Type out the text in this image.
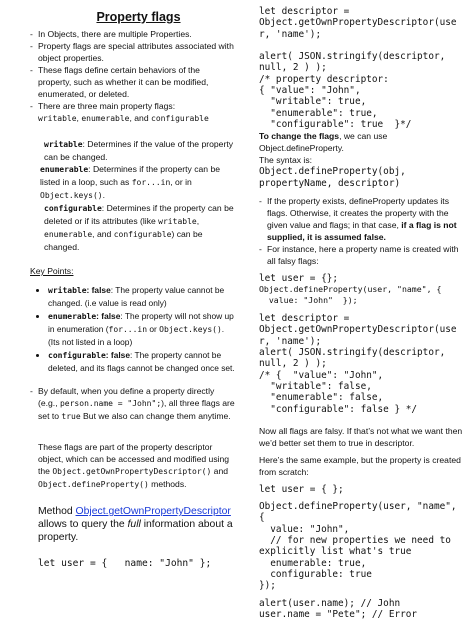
Property flags

- In Objects, there are multiple Properties.

- Property flags are special attributes associated with object properties.

- These flags define certain behaviors of the property, such as whether it can be modified, enumerated, or deleted.

- There are three main property flags:
writable, enumerable, and configurable

writable: Determines if the value of the property can be changed.

enumerable: Determines if the property can be listed in a loop, such as for...in, or in Object.keys().

configurable: Determines if the property can be deleted or if its attributes (like writable, enumerable, and configurable) can be changed.

Key Points:

• writable: false: The property value cannot be changed. (i.e value is read only)
• enumerable: false: The property will not show up in enumeration (for...in or Object.keys(). (Its not listed in a loop)
• configurable: false: The property cannot be deleted, and its flags cannot be changed once set.

- By default, when you define a property directly (e.g., person.name = "John";), all three flags are set to true But we also can change them anytime.

These flags are part of the property descriptor object, which can be accessed and modified using the Object.getOwnPropertyDescriptor() and Object.defineProperty() methods.

Method Object.getOwnPropertyDescriptor allows to query the full information about a property.

let user = {   name: "John" };
let descriptor =
Object.getOwnPropertyDescriptor(use
r, 'name');

alert( JSON.stringify(descriptor,
null, 2 ) );
/* property descriptor:
{ "value": "John",
"writable": true,
"enumerable": true,
"configurable": true  }*/

To change the flags, we can use Object.defineProperty.

The syntax is:

Object.defineProperty(obj,
propertyName, descriptor)

- If the property exists, defineProperty updates its flags. Otherwise, it creates the property with the given value and flags; in that case, if a flag is not supplied, it is assumed false.

- For instance, here a property name is created with all falsy flags:

let user = {};
Object.defineProperty(user, "name", {
value: "John"  });
let descriptor =
Object.getOwnPropertyDescriptor(use
r, 'name');
alert( JSON.stringify(descriptor,
null, 2 ) );
/* {  "value": "John",
"writable": false,
"enumerable": false,
"configurable": false } */

Now all flags are falsy. If that’s not what we want then we’d better set them to true in descriptor.

Here’s the same example, but the property is created from scratch:

let user = { };
Object.defineProperty(user, "name",
{
value: "John",
// for new properties we need to
explicitly list what's true
enumerable: true,
configurable: true
});
alert(user.name); // John
user.name = "Pete"; // Error
